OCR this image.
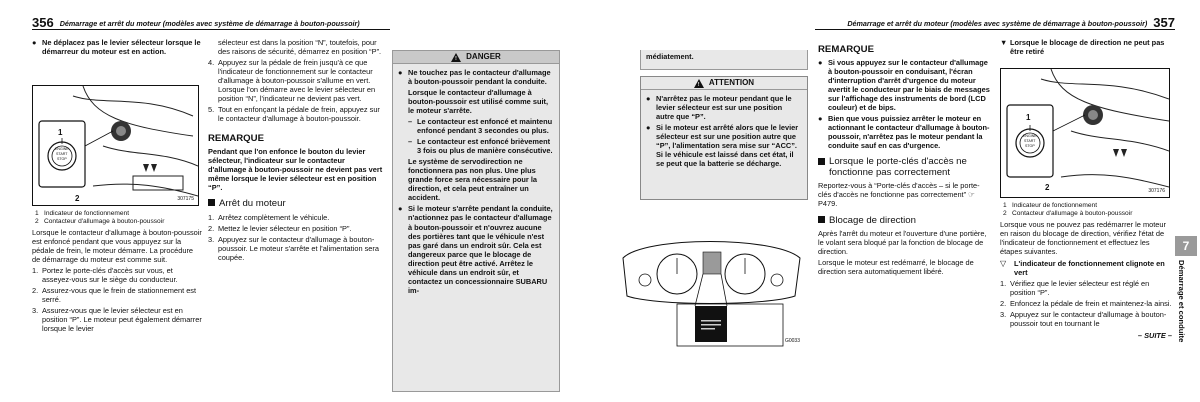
356 Démarrage et arrêt du moteur (modèles avec système de démarrage à bouton-poussoir)
● Ne déplacez pas le levier sélecteur lorsque le démarreur du moteur est en action.
1
2
ENGINE
START
STOP
307175
1 Indicateur de fonctionnement
2 Contacteur d'allumage à bouton-poussoir

Lorsque le contacteur d'allumage à bouton-poussoir est enfoncé pendant que vous appuyez sur la pédale de frein, le moteur démarre. La procédure de démarrage du moteur est comme suit.

1. Portez le porte-clés d'accès sur vous, et asseyez-vous sur le siège du conducteur.
2. Assurez-vous que le frein de stationnement est serré.
3. Assurez-vous que le levier sélecteur est en position “P”. Le moteur peut également démarrer lorsque le levier

sélecteur est dans la position “N”, toutefois, pour des raisons de sécurité, démarrez en position “P”.

4. Appuyez sur la pédale de frein jusqu'à ce que l'indicateur de fonctionnement sur le contacteur d'allumage à bouton-poussoir s'allume en vert. Lorsque l'on démarre avec le levier sélecteur en position “N”, l'indicateur ne devient pas vert.
5. Tout en enfonçant la pédale de frein, appuyez sur le contacteur d'allumage à bouton-poussoir.
REMARQUE

Pendant que l'on enfonce le bouton du levier sélecteur, l'indicateur sur le contacteur d'allumage à bouton-poussoir ne devient pas vert même lorsque le levier sélecteur est en position “P”.

Arrêt du moteur
1. Arrêtez complètement le véhicule.
2. Mettez le levier sélecteur en position “P”.
3. Appuyez sur le contacteur d'allumage à bouton-poussoir. Le moteur s'arrête et l'alimentation sera coupée.
! DANGER
● Ne touchez pas le contacteur d'allumage à bouton-poussoir pendant la conduite.
Lorsque le contacteur d'allumage à bouton-poussoir est utilisé comme suit, le moteur s'arrête.
– Le contacteur est enfoncé et maintenu enfoncé pendant 3 secondes ou plus.
– Le contacteur est enfoncé brièvement 3 fois ou plus de manière consécutive.
Le système de servodirection ne fonctionnera pas non plus. Une plus grande force sera nécessaire pour la direction, et cela peut entraîner un accident.
● Si le moteur s'arrête pendant la conduite, n'actionnez pas le contacteur d'allumage à bouton-poussoir et n'ouvrez aucune des portières tant que le véhicule n'est pas garé dans un endroit sûr. Cela est dangereux parce que le blocage de direction peut être activé. Arrêtez le véhicule dans un endroit sûr, et contactez un concessionnaire SUBARU im-
Démarrage et arrêt du moteur (modèles avec système de démarrage à bouton-poussoir) 357

médiatement.

! ATTENTION
● N'arrêtez pas le moteur pendant que le levier sélecteur est sur une position autre que “P”.
● Si le moteur est arrêté alors que le levier sélecteur est sur une position autre que “P”, l'alimentation sera mise sur “ACC”. Si le véhicule est laissé dans cet état, il se peut que la batterie se décharge.
G0033
REMARQUE
● Si vous appuyez sur le contacteur d'allumage à bouton-poussoir en conduisant, l'écran d'interruption d'arrêt d'urgence du moteur avertit le conducteur par le biais de messages sur l'affichage des instruments de bord (LCD couleur) et de bips.
● Bien que vous puissiez arrêter le moteur en actionnant le contacteur d'allumage à bouton-poussoir, n'arrêtez pas le moteur pendant la conduite sauf en cas d'urgence.
Lorsque le porte-clés d'accès ne fonctionne pas correctement

Reportez-vous à “Porte-clés d'accès – si le porte-clés d'accès ne fonctionne pas correctement” ☞P479.

Blocage de direction

Après l'arrêt du moteur et l'ouverture d'une portière, le volant sera bloqué par la fonction de blocage de direction.

Lorsque le moteur est redémarré, le blocage de direction sera automatiquement libéré.

▼ Lorsque le blocage de direction ne peut pas être retiré
1
2
ENGINE
START
STOP
307176
1 Indicateur de fonctionnement
2 Contacteur d'allumage à bouton-poussoir

Lorsque vous ne pouvez pas redémarrer le moteur en raison du blocage de direction, vérifiez l'état de l'indicateur de fonctionnement et effectuez les étapes suivantes.

▽	L'indicateur de fonctionnement clignote en vert
1. Vérifiez que le levier sélecteur est réglé en position “P”.
2. Enfoncez la pédale de frein et maintenez-la ainsi.
3. Appuyez sur le contacteur d'allumage à bouton-poussoir tout en tournant le
– SUITE –
7
Démarrage et conduite
